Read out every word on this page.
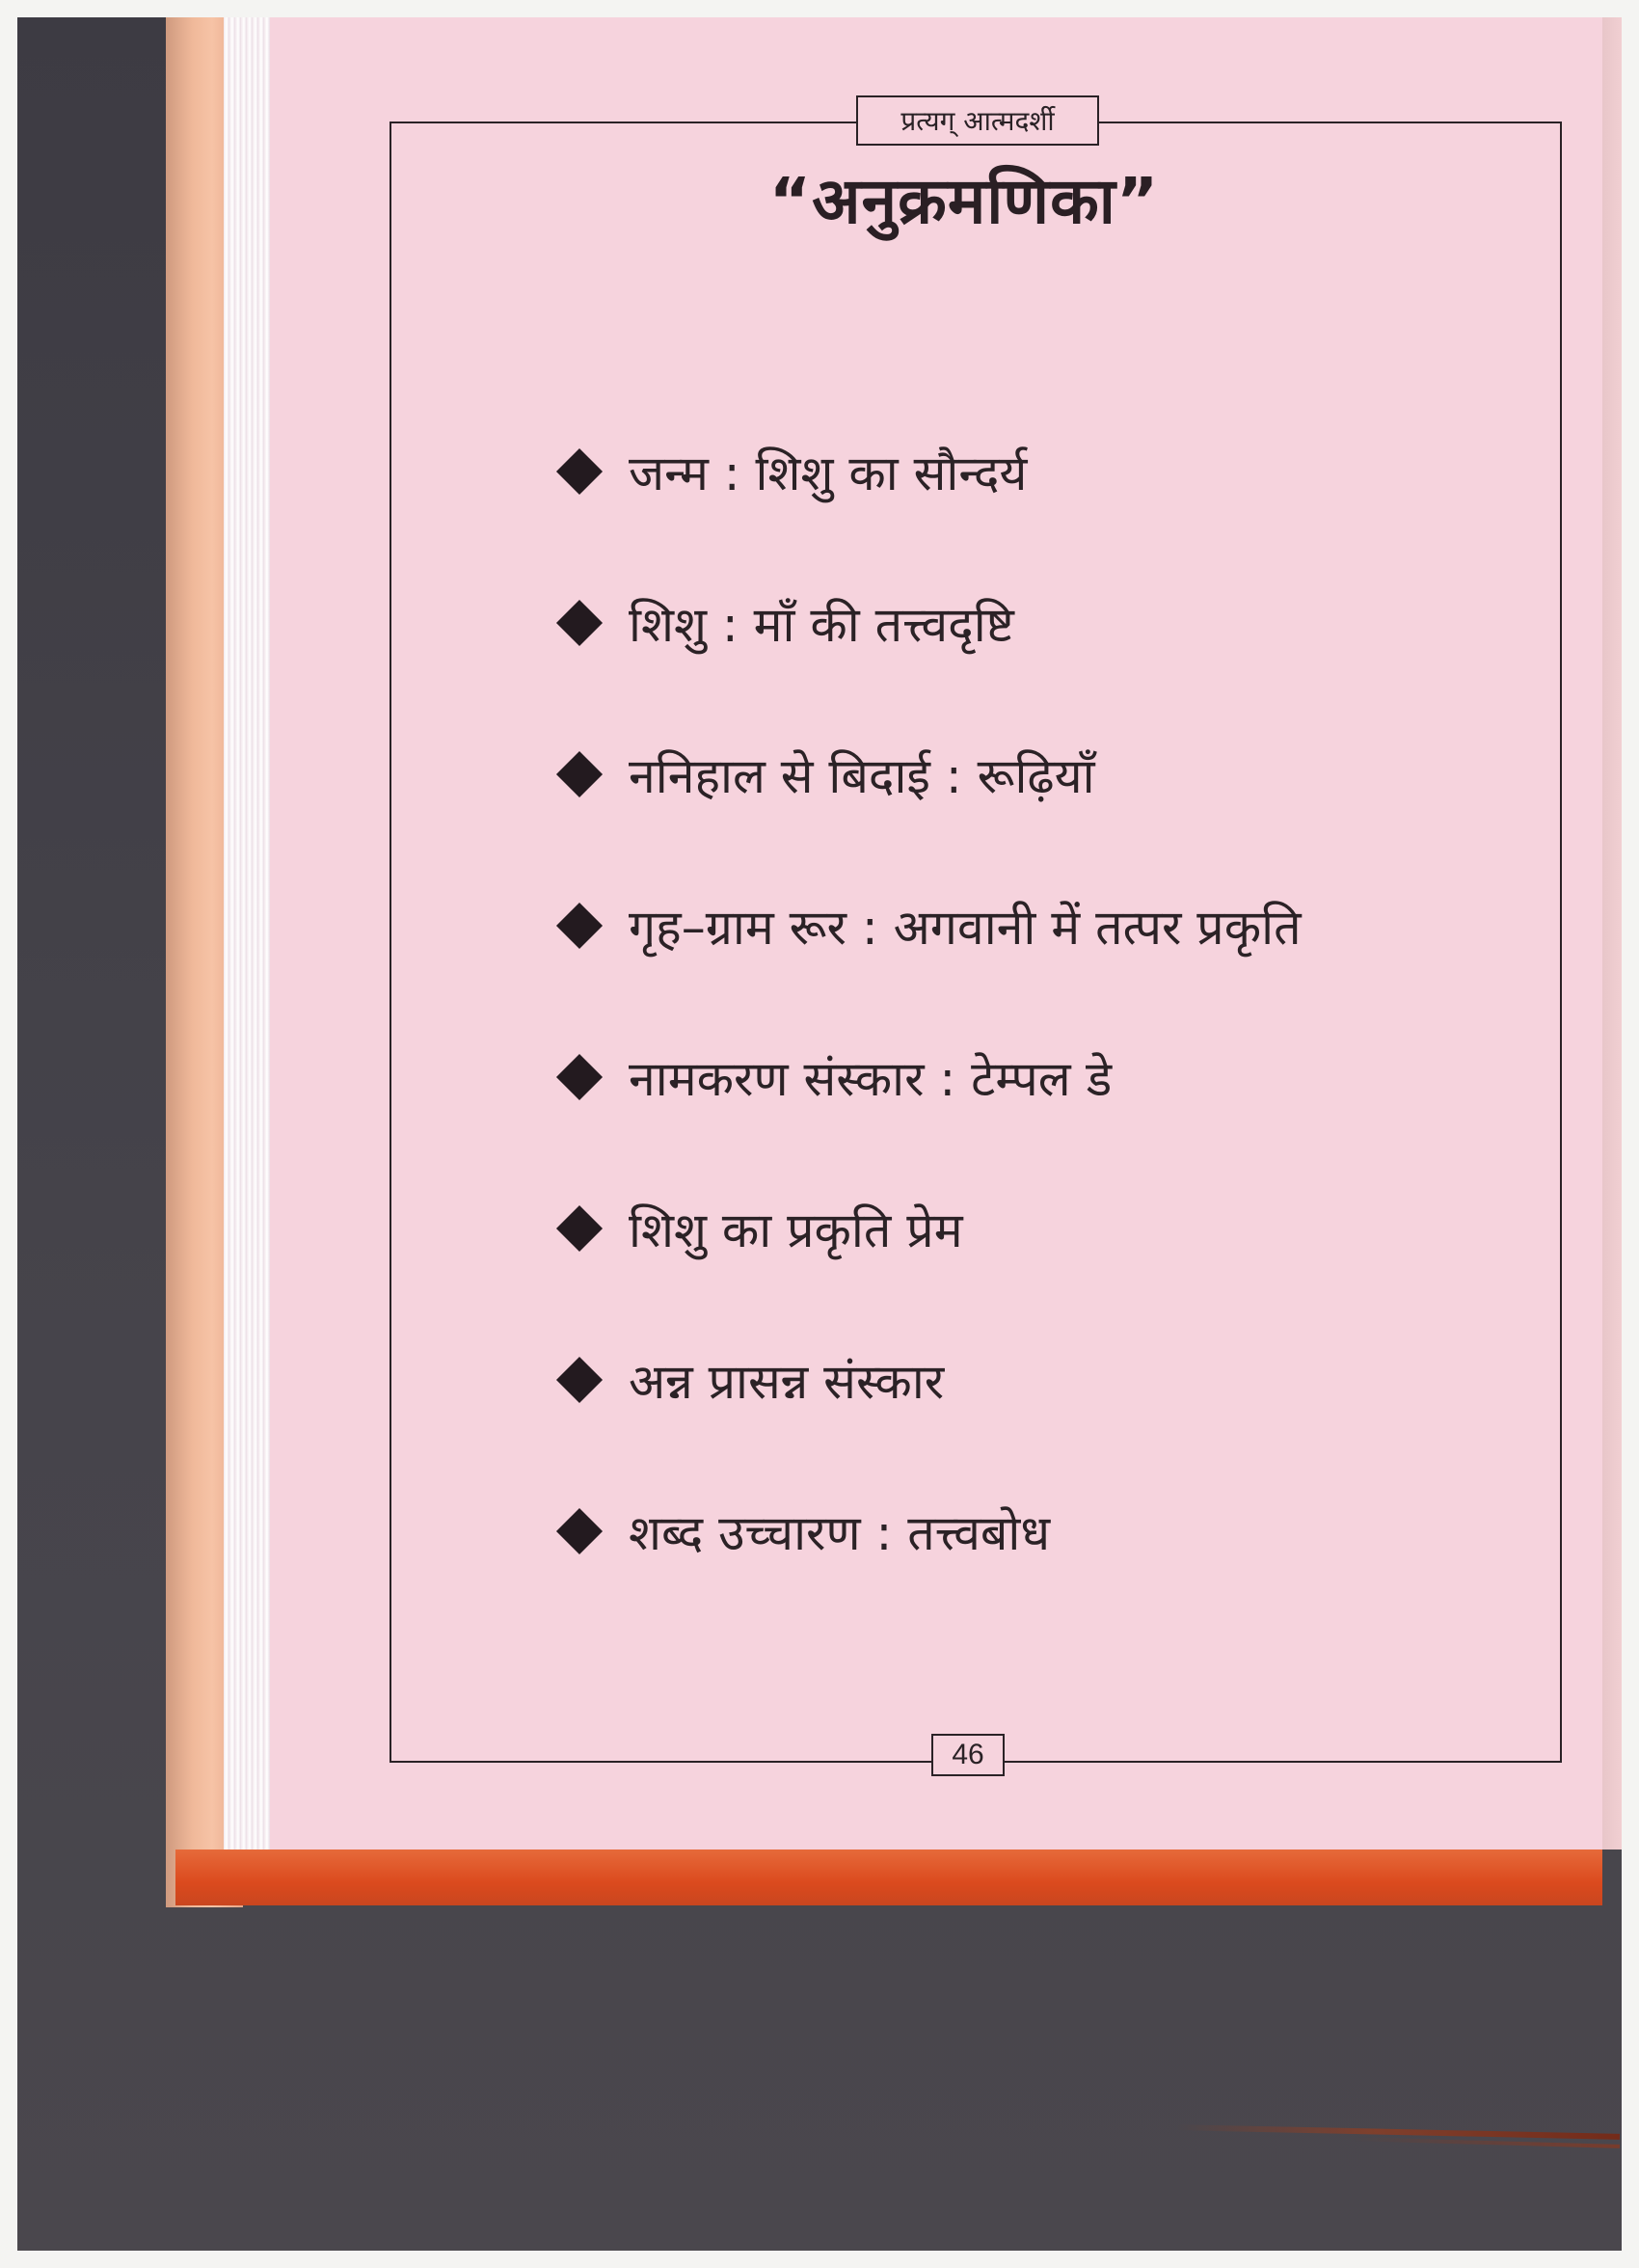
प्रत्यग् आत्मदर्शी
“अनुक्रमणिका”
जन्म : शिशु का सौन्दर्य
शिशु : माँ की तत्त्वदृष्टि
ननिहाल से बिदाई : रूढ़ियाँ
गृह–ग्राम रूर : अगवानी में तत्पर प्रकृति
नामकरण संस्कार : टेम्पल डे
शिशु का प्रकृति प्रेम
अन्न प्रासन्न संस्कार
शब्द उच्चारण : तत्त्वबोध
46
